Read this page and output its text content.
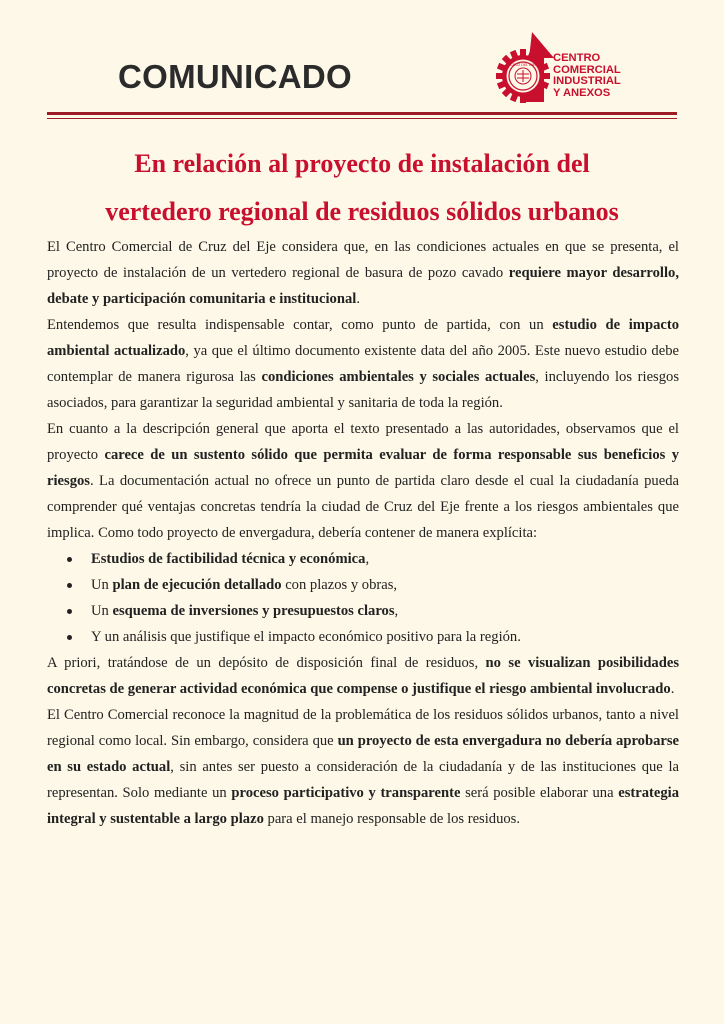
COMUNICADO	CRUZ DEL EJE
CENTRO
COMERCIAL
INDUSTRIAL
Y ANEXOS
En relación al proyecto de instalación del
vertedero regional de residuos sólidos urbanos

El Centro Comercial de Cruz del Eje considera que, en las condiciones actuales en que se presenta, el proyecto de instalación de un vertedero regional de basura de pozo cavado requiere mayor desarrollo, debate y participación comunitaria e institucional.

Entendemos que resulta indispensable contar, como punto de partida, con un estudio de impacto ambiental actualizado, ya que el último documento existente data del año 2005. Este nuevo estudio debe contemplar de manera rigurosa las condiciones ambientales y sociales actuales, incluyendo los riesgos asociados, para garantizar la seguridad ambiental y sanitaria de toda la región.

En cuanto a la descripción general que aporta el texto presentado a las autoridades, observamos que el proyecto carece de un sustento sólido que permita evaluar de forma responsable sus beneficios y riesgos. La documentación actual no ofrece un punto de partida claro desde el cual la ciudadanía pueda comprender qué ventajas concretas tendría la ciudad de Cruz del Eje frente a los riesgos ambientales que implica. Como todo proyecto de envergadura, debería contener de manera explícita:

Estudios de factibilidad técnica y económica,
Un plan de ejecución detallado con plazos y obras,
Un esquema de inversiones y presupuestos claros,
Y un análisis que justifique el impacto económico positivo para la región.

A priori, tratándose de un depósito de disposición final de residuos, no se visualizan posibilidades concretas de generar actividad económica que compense o justifique el riesgo ambiental involucrado.

El Centro Comercial reconoce la magnitud de la problemática de los residuos sólidos urbanos, tanto a nivel regional como local. Sin embargo, considera que un proyecto de esta envergadura no debería aprobarse en su estado actual, sin antes ser puesto a consideración de la ciudadanía y de las instituciones que la representan. Solo mediante un proceso participativo y transparente será posible elaborar una estrategia integral y sustentable a largo plazo para el manejo responsable de los residuos.
